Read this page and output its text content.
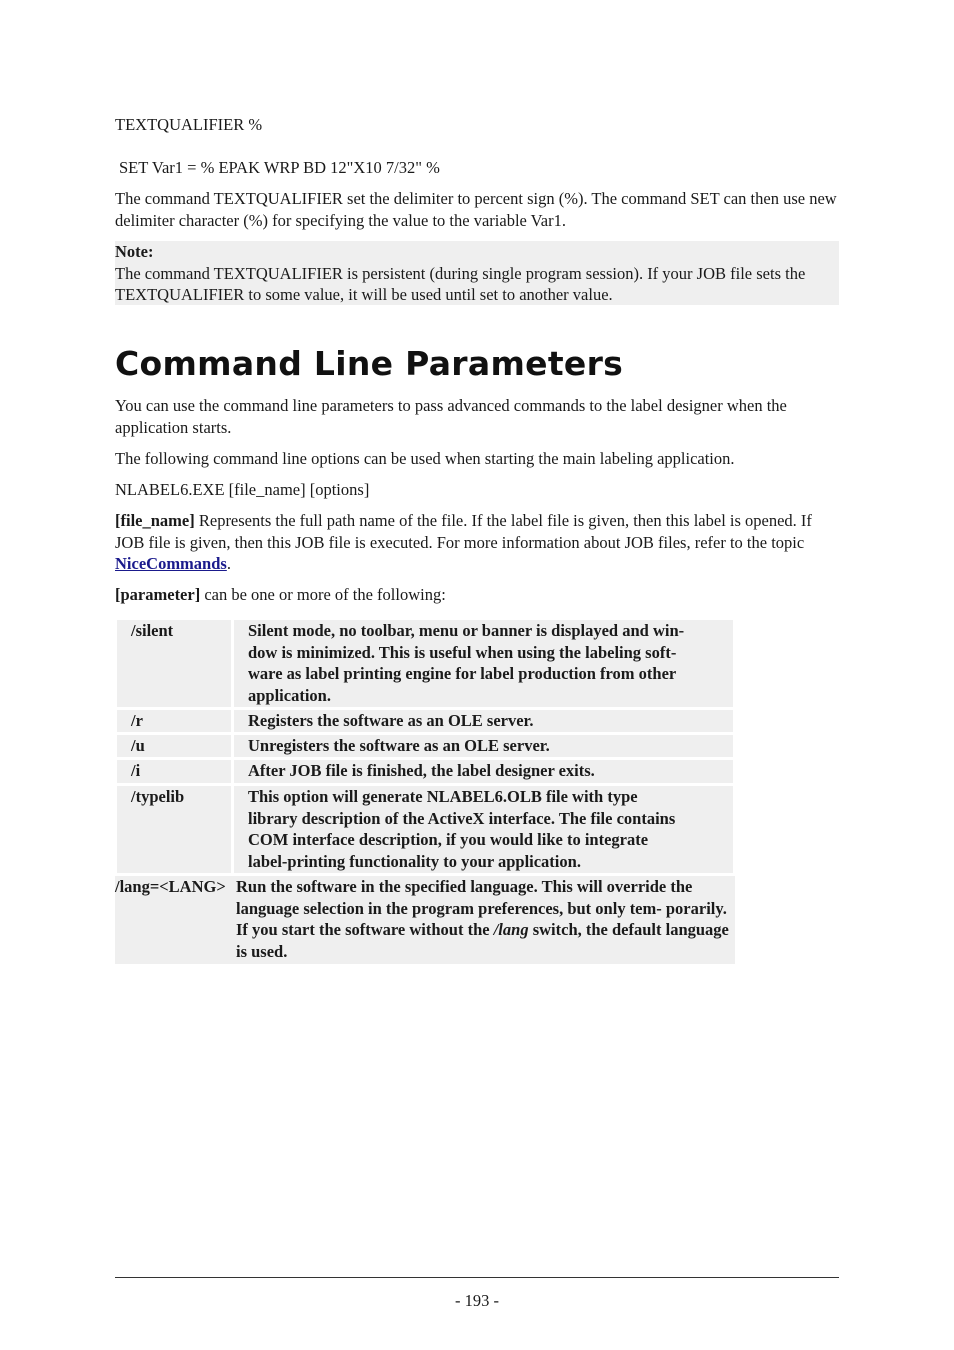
TEXTQUALIFIER %

SET Var1 = % EPAK WRP BD 12"X10 7/32" %

The command TEXTQUALIFIER set the delimiter to percent sign (%). The command SET can then use new delimiter character (%) for specifying the value to the variable Var1.

Note:

The command TEXTQUALIFIER is persistent (during single program session). If your JOB file sets the TEXTQUALIFIER to some value, it will be used until set to another value.

Command Line Parameters

You can use the command line parameters to pass advanced commands to the label designer when the application starts.

The following command line options can be used when starting the main labeling application.

NLABEL6.EXE [file_name] [options]

[file_name] Represents the full path name of the file. If the label file is given, then this label is opened. If JOB file is given, then this JOB file is executed. For more information about JOB files, refer to the topic NiceCommands.

[parameter] can be one or more of the following:

/silent	Silent mode, no toolbar, menu or banner is displayed and win-
dow is minimized. This is useful when using the labeling soft-
ware as label printing engine for label production from other
application.
/r	Registers the software as an OLE server.
/u	Unregisters the software as an OLE server.
/i	After JOB file is finished, the label designer exits.
/typelib	This option will generate NLABEL6.OLB file with type
library description of the ActiveX interface. The file contains
COM interface description, if you would like to integrate
label-printing functionality to your application.
/lang=<LANG> Run the software in the specified language. This will override the language selection in the program preferences, but only tem- porarily. If you start the software without the /lang switch, the default language is used.
- 193 -
